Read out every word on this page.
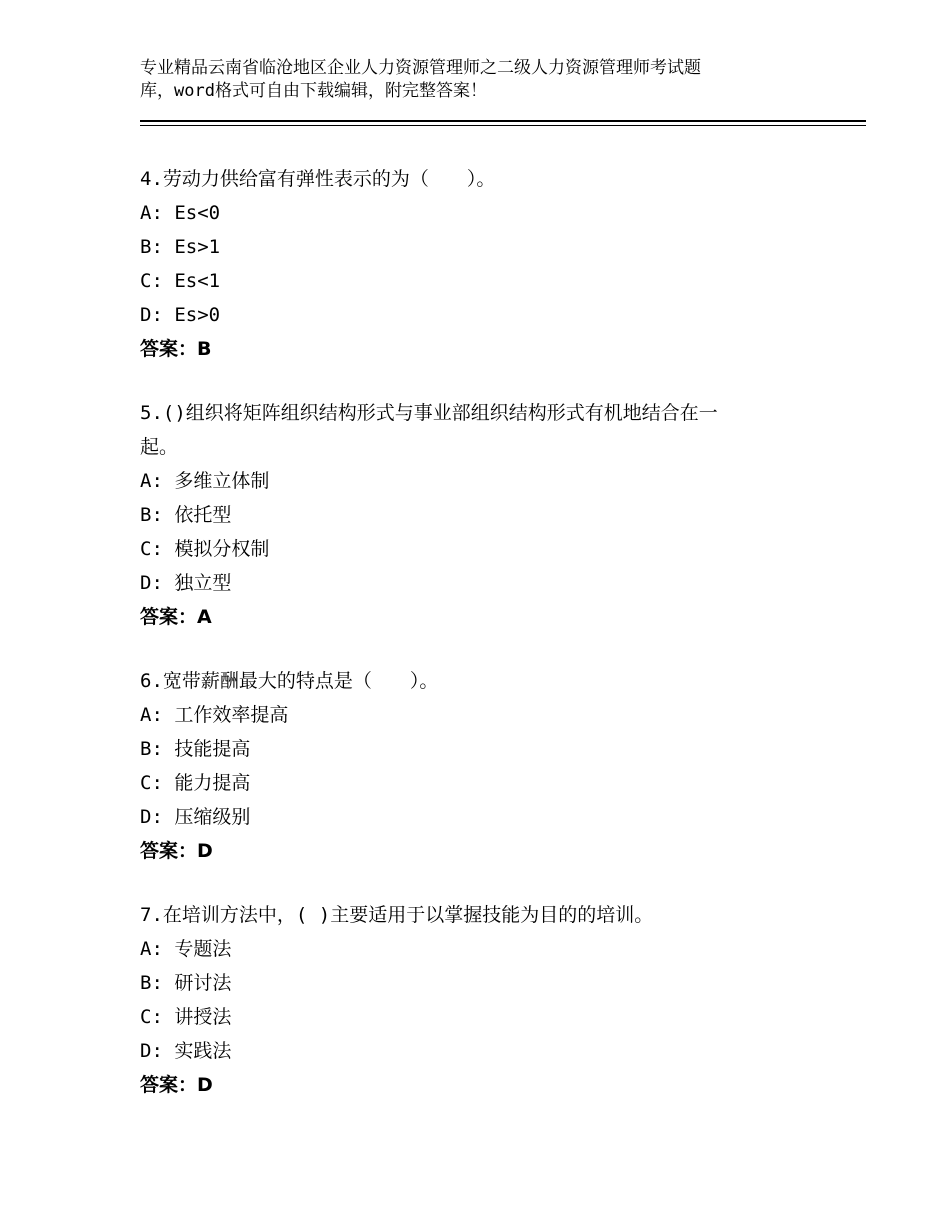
专业精品云南省临沧地区企业人力资源管理师之二级人力资源管理师考试题
库，word格式可自由下载编辑，附完整答案！
4.劳动力供给富有弹性表示的为（　　）。
A: Es<0
B: Es>1
C: Es<1
D: Es>0
答案：B
5.()组织将矩阵组织结构形式与事业部组织结构形式有机地结合在一
起。
A: 多维立体制
B: 依托型
C: 模拟分权制
D: 独立型
答案：A
6.宽带薪酬最大的特点是（　　）。
A: 工作效率提高
B: 技能提高
C: 能力提高
D: 压缩级别
答案：D
7.在培训方法中，( )主要适用于以掌握技能为目的的培训。
A: 专题法
B: 研讨法
C: 讲授法
D: 实践法
答案：D
